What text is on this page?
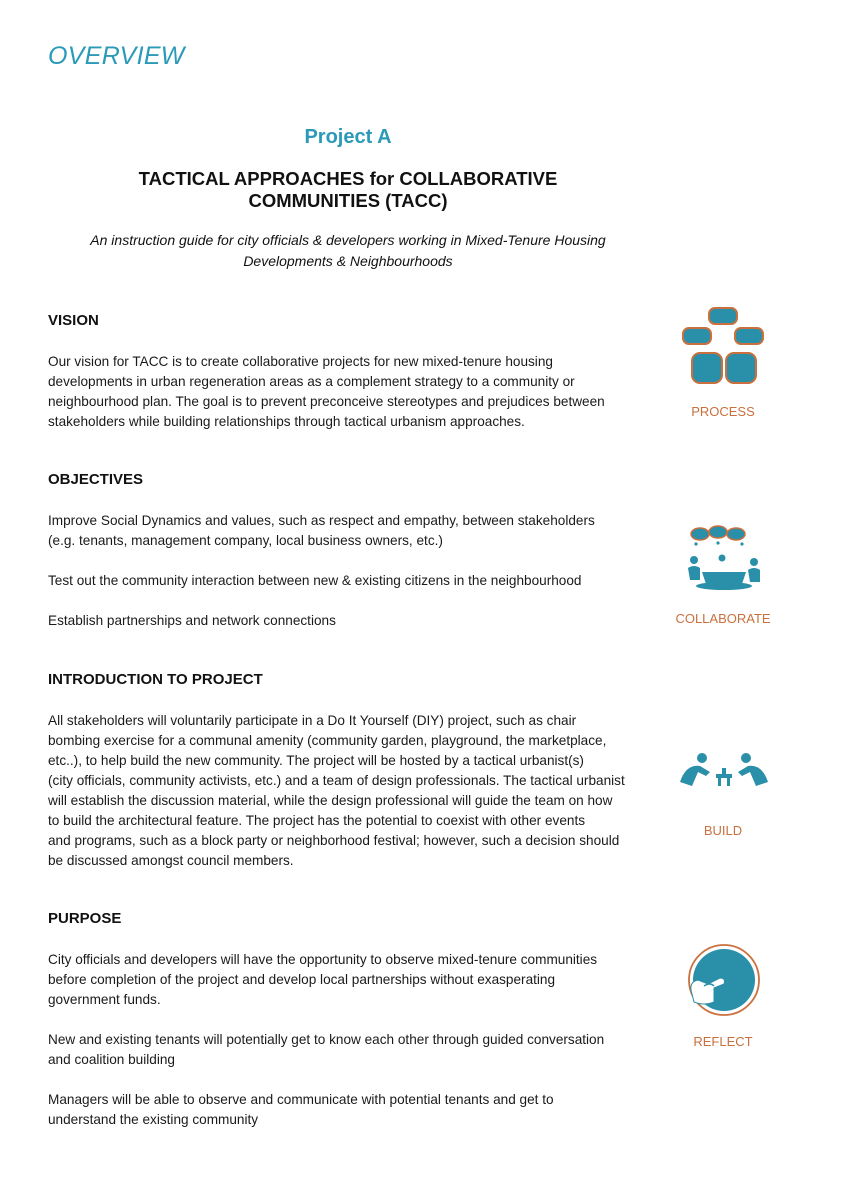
OVERVIEW
Project A
TACTICAL APPROACHES for COLLABORATIVE
COMMUNITIES (TACC)
An instruction guide for city officials & developers working in Mixed-Tenure Housing
Developments & Neighbourhoods
VISION
Our vision for TACC is to create collaborative projects for new mixed-tenure housing
developments in urban regeneration areas as a complement strategy to a community or
neighbourhood plan. The goal is to prevent preconceive stereotypes and prejudices between
stakeholders while building relationships through tactical urbanism approaches.
OBJECTIVES
Improve Social Dynamics and values, such as respect and empathy, between stakeholders
(e.g. tenants, management company, local business owners, etc.)
Test out the community interaction between new & existing citizens in the neighbourhood
Establish partnerships and network connections
INTRODUCTION TO PROJECT
All stakeholders will voluntarily participate in a Do It Yourself (DIY) project, such as chair
bombing exercise for a communal amenity (community garden, playground, the marketplace,
etc..), to help build the new community. The project will be hosted by a tactical urbanist(s)
(city officials, community activists, etc.) and a team of design professionals. The tactical urbanist
will establish the discussion material, while the design professional will guide the team on how
to build the architectural feature. The project has the potential to coexist with other events
and programs, such as a block party or neighborhood festival; however, such a decision should
be discussed amongst council members.
PURPOSE
City officials and developers will have the opportunity to observe mixed-tenure communities
before completion of the project and develop local partnerships without exasperating
government funds.
New and existing tenants will potentially get to know each other through guided conversation
and coalition building
Managers will be able to observe and communicate with potential tenants and get to
understand the existing community
PROCESS
COLLABORATE
BUILD
REFLECT
